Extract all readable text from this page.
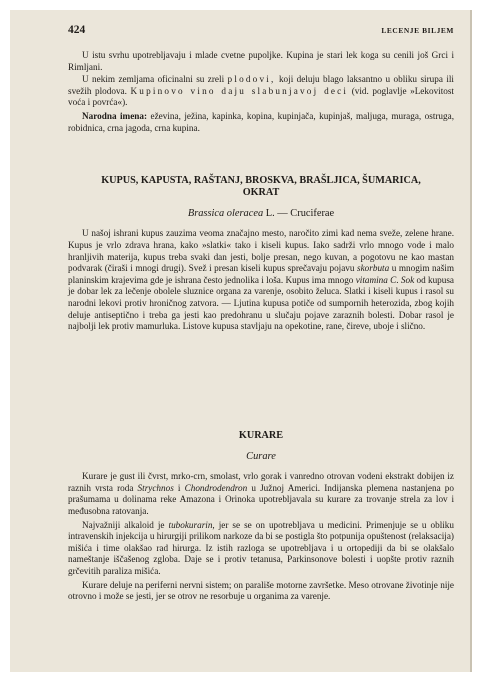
424	LECENJE BILJEM

U istu svrhu upotrebljavaju i mlade cvetne pupoljke. Kupina je stari lek koga su cenili još Grci i Rimljani.

U nekim zemljama oficinalni su zreli plodovi, koji deluju blago laksantno u obliku sirupa ili svežih plodova. Kupinovo vino daju slabunjavoj deci (vid. poglavlje »Lekovitost voća i povrća«).

Narodna imena: eževina, ježina, kapinka, kopina, kupinjača, kupinjaš, maljuga, muraga, ostruga, robidnica, crna jagoda, crna kupina.

KUPUS, KAPUSTA, RAŠTANJ, BROSKVA, BRAŠLJICA, ŠUMARICA,
OKRAT

Brassica oleracea L. — Cruciferae

U našoj ishrani kupus zauzima veoma značajno mesto, naročito zimi kad nema sveže, zelene hrane. Kupus je vrlo zdrava hrana, kako »slatki« tako i kiseli kupus. Iako sadrži vrlo mnogo vode i malo hranljivih materija, kupus treba svaki dan jesti, bolje presan, nego kuvan, a pogotovu ne kao mastan podvarak (čiraši i mnogi drugi). Svež i presan kiseli kupus sprečavaju pojavu skorbuta u mnogim našim planinskim krajevima gde je ishrana često jednolika i loša. Kupus ima mnogo vitamina C. Sok od kupusa je dobar lek za lečenje obolele sluznice organa za varenje, osobito želuca. Slatki i kiseli kupus i rasol su narodni lekovi protiv hroničnog zatvora. — Ljutina kupusa potiče od sumpornih heterozida, zbog kojih deluje antiseptično i treba ga jesti kao predohranu u slučaju pojave zaraznih bolesti. Dobar rasol je najbolji lek protiv mamurluka. Listove kupusa stavljaju na opekotine, rane, čireve, uboje i slično.

KURARE

Curare

Kurare je gust ili čvrst, mrko-crn, smolast, vrlo gorak i vanredno otrovan vodeni ekstrakt dobijen iz raznih vrsta roda Strychnos i Chondrodendron u Južnoj Americi. Indijanska plemena nastanjena po prašumama u dolinama reke Amazona i Orinoka upotrebljavala su kurare za trovanje strela za lov i međusobna ratovanja.

Najvažniji alkaloid je tubokurarin, jer se se on upotrebljava u medicini. Primenjuje se u obliku intravenskih injekcija u hirurgiji prilikom narkoze da bi se postigla što potpunija opuštenost (relaksacija) mišića i time olakšao rad hirurga. Iz istih razloga se upotrebljava i u ortopediji da bi se olakšalo nameštanje iščašenog zgloba. Daje se i protiv tetanusa, Parkinsonove bolesti i uopšte protiv raznih grčevitih paraliza mišića.

Kurare deluje na periferni nervni sistem; on parališe motorne završetke. Meso otrovane životinje nije otrovno i može se jesti, jer se otrov ne resorbuje u organima za varenje.
